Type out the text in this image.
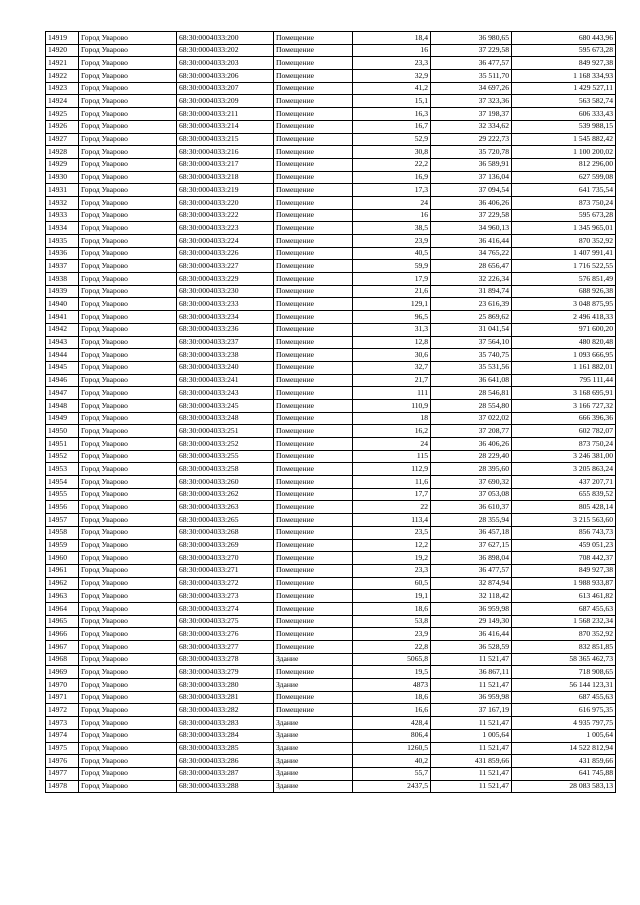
14919	Город Уварово	68:30:0004033:200	Помещение	18,4	36 980,65	680 443,96
14920	Город Уварово	68:30:0004033:202	Помещение	16	37 229,58	595 673,28
14921	Город Уварово	68:30:0004033:203	Помещение	23,3	36 477,57	849 927,38
14922	Город Уварово	68:30:0004033:206	Помещение	32,9	35 511,70	1 168 334,93
14923	Город Уварово	68:30:0004033:207	Помещение	41,2	34 697,26	1 429 527,11
14924	Город Уварово	68:30:0004033:209	Помещение	15,1	37 323,36	563 582,74
14925	Город Уварово	68:30:0004033:211	Помещение	16,3	37 198,37	606 333,43
14926	Город Уварово	68:30:0004033:214	Помещение	16,7	32 334,62	539 988,15
14927	Город Уварово	68:30:0004033:215	Помещение	52,9	29 222,73	1 545 882,42
14928	Город Уварово	68:30:0004033:216	Помещение	30,8	35 720,78	1 100 200,02
14929	Город Уварово	68:30:0004033:217	Помещение	22,2	36 589,91	812 296,00
14930	Город Уварово	68:30:0004033:218	Помещение	16,9	37 136,04	627 599,08
14931	Город Уварово	68:30:0004033:219	Помещение	17,3	37 094,54	641 735,54
14932	Город Уварово	68:30:0004033:220	Помещение	24	36 406,26	873 750,24
14933	Город Уварово	68:30:0004033:222	Помещение	16	37 229,58	595 673,28
14934	Город Уварово	68:30:0004033:223	Помещение	38,5	34 960,13	1 345 965,01
14935	Город Уварово	68:30:0004033:224	Помещение	23,9	36 416,44	870 352,92
14936	Город Уварово	68:30:0004033:226	Помещение	40,5	34 765,22	1 407 991,41
14937	Город Уварово	68:30:0004033:227	Помещение	59,9	28 656,47	1 716 522,55
14938	Город Уварово	68:30:0004033:229	Помещение	17,9	32 226,34	576 851,49
14939	Город Уварово	68:30:0004033:230	Помещение	21,6	31 894,74	688 926,38
14940	Город Уварово	68:30:0004033:233	Помещение	129,1	23 616,39	3 048 875,95
14941	Город Уварово	68:30:0004033:234	Помещение	96,5	25 869,62	2 496 418,33
14942	Город Уварово	68:30:0004033:236	Помещение	31,3	31 041,54	971 600,20
14943	Город Уварово	68:30:0004033:237	Помещение	12,8	37 564,10	480 820,48
14944	Город Уварово	68:30:0004033:238	Помещение	30,6	35 740,75	1 093 666,95
14945	Город Уварово	68:30:0004033:240	Помещение	32,7	35 531,56	1 161 882,01
14946	Город Уварово	68:30:0004033:241	Помещение	21,7	36 641,08	795 111,44
14947	Город Уварово	68:30:0004033:243	Помещение	111	28 546,81	3 168 695,91
14948	Город Уварово	68:30:0004033:245	Помещение	110,9	28 554,80	3 166 727,32
14949	Город Уварово	68:30:0004033:248	Помещение	18	37 022,02	666 396,36
14950	Город Уварово	68:30:0004033:251	Помещение	16,2	37 208,77	602 782,07
14951	Город Уварово	68:30:0004033:252	Помещение	24	36 406,26	873 750,24
14952	Город Уварово	68:30:0004033:255	Помещение	115	28 229,40	3 246 381,00
14953	Город Уварово	68:30:0004033:258	Помещение	112,9	28 395,60	3 205 863,24
14954	Город Уварово	68:30:0004033:260	Помещение	11,6	37 690,32	437 207,71
14955	Город Уварово	68:30:0004033:262	Помещение	17,7	37 053,08	655 839,52
14956	Город Уварово	68:30:0004033:263	Помещение	22	36 610,37	805 428,14
14957	Город Уварово	68:30:0004033:265	Помещение	113,4	28 355,94	3 215 563,60
14958	Город Уварово	68:30:0004033:268	Помещение	23,5	36 457,18	856 743,73
14959	Город Уварово	68:30:0004033:269	Помещение	12,2	37 627,15	459 051,23
14960	Город Уварово	68:30:0004033:270	Помещение	19,2	36 898,04	708 442,37
14961	Город Уварово	68:30:0004033:271	Помещение	23,3	36 477,57	849 927,38
14962	Город Уварово	68:30:0004033:272	Помещение	60,5	32 874,94	1 988 933,87
14963	Город Уварово	68:30:0004033:273	Помещение	19,1	32 118,42	613 461,82
14964	Город Уварово	68:30:0004033:274	Помещение	18,6	36 959,98	687 455,63
14965	Город Уварово	68:30:0004033:275	Помещение	53,8	29 149,30	1 568 232,34
14966	Город Уварово	68:30:0004033:276	Помещение	23,9	36 416,44	870 352,92
14967	Город Уварово	68:30:0004033:277	Помещение	22,8	36 528,59	832 851,85
14968	Город Уварово	68:30:0004033:278	Здание	5065,8	11 521,47	58 365 462,73
14969	Город Уварово	68:30:0004033:279	Помещение	19,5	36 867,11	718 908,65
14970	Город Уварово	68:30:0004033:280	Здание	4873	11 521,47	56 144 123,31
14971	Город Уварово	68:30:0004033:281	Помещение	18,6	36 959,98	687 455,63
14972	Город Уварово	68:30:0004033:282	Помещение	16,6	37 167,19	616 975,35
14973	Город Уварово	68:30:0004033:283	Здание	428,4	11 521,47	4 935 797,75
14974	Город Уварово	68:30:0004033:284	Здание	806,4	1 005,64	1 005,64
14975	Город Уварово	68:30:0004033:285	Здание	1260,5	11 521,47	14 522 812,94
14976	Город Уварово	68:30:0004033:286	Здание	40,2	431 859,66	431 859,66
14977	Город Уварово	68:30:0004033:287	Здание	55,7	11 521,47	641 745,88
14978	Город Уварово	68:30:0004033:288	Здание	2437,5	11 521,47	28 083 583,13
